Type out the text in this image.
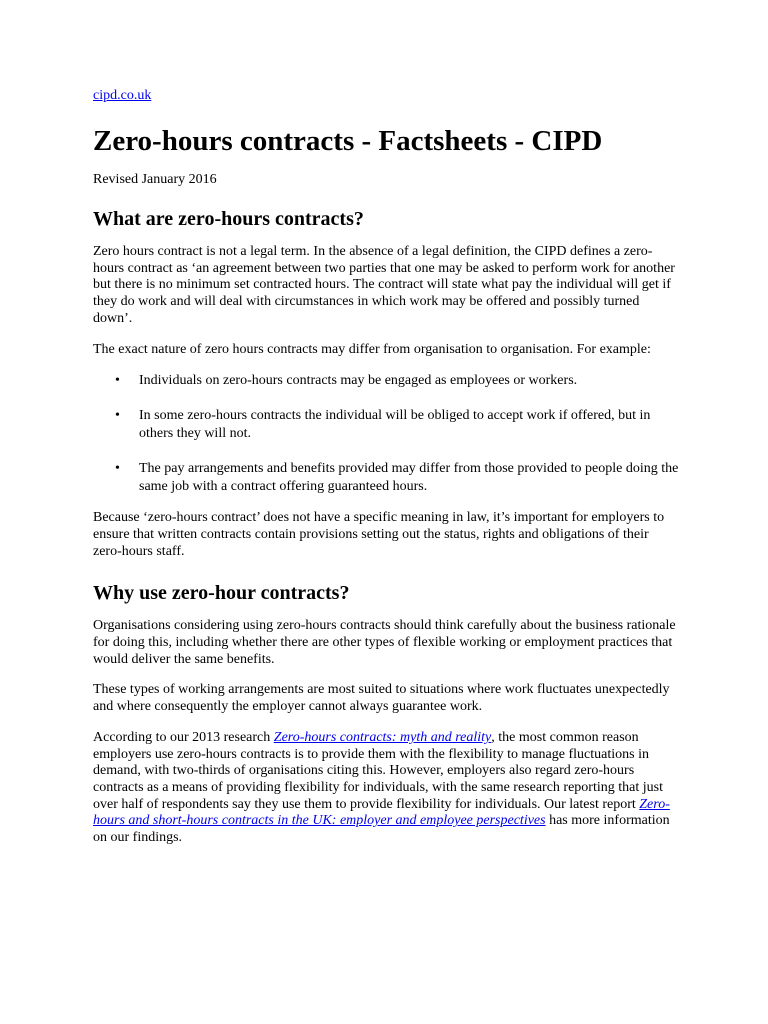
cipd.co.uk
Zero-hours contracts - Factsheets - CIPD
Revised January 2016
What are zero-hours contracts?

Zero hours contract is not a legal term. In the absence of a legal definition, the CIPD defines a zero-hours contract as ‘an agreement between two parties that one may be asked to perform work for another but there is no minimum set contracted hours. The contract will state what pay the individual will get if they do work and will deal with circumstances in which work may be offered and possibly turned down’.

The exact nature of zero hours contracts may differ from organisation to organisation. For example:

• Individuals on zero-hours contracts may be engaged as employees or workers.
• In some zero-hours contracts the individual will be obliged to accept work if offered, but in others they will not.
• The pay arrangements and benefits provided may differ from those provided to people doing the same job with a contract offering guaranteed hours.

Because ‘zero-hours contract’ does not have a specific meaning in law, it’s important for employers to ensure that written contracts contain provisions setting out the status, rights and obligations of their zero-hours staff.

Why use zero-hour contracts?

Organisations considering using zero-hours contracts should think carefully about the business rationale for doing this, including whether there are other types of flexible working or employment practices that would deliver the same benefits.

These types of working arrangements are most suited to situations where work fluctuates unexpectedly and where consequently the employer cannot always guarantee work.

According to our 2013 research Zero-hours contracts: myth and reality, the most common reason employers use zero-hours contracts is to provide them with the flexibility to manage fluctuations in demand, with two-thirds of organisations citing this. However, employers also regard zero-hours contracts as a means of providing flexibility for individuals, with the same research reporting that just over half of respondents say they use them to provide flexibility for individuals. Our latest report Zero-hours and short-hours contracts in the UK: employer and employee perspectives has more information on our findings.
